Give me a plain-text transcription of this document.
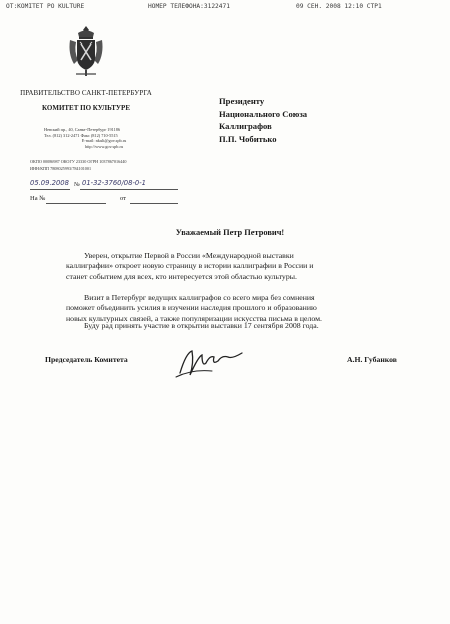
ОТ:KOMITET PO KULTURE	НОМЕР ТЕЛЕФОНА:3122471	09 СЕН. 2008 12:10 СТР1
ПРАВИТЕЛЬСТВО САНКТ-ПЕТЕРБУРГА
КОМИТЕТ ПО КУЛЬТУРЕ
Невский пр., 40, Санкт-Петербург 191186
Тел. (812) 312-2471 Факс (812) 710-5515
E-mail: nkult@gov.spb.ru
http://www.gov.spb.ru
ОКПО 00086987 ОКОГУ 23330 ОГРН 1037867016440
ИНН/КПП 7808025993/784101001
05.09.2008 № 01-32-3760/08-0-1
На №	от
Президенту
Национального Союза
Каллиграфов
П.П. Чобитько
Уважаемый Петр Петрович!
Уверен, открытие Первой в России «Международной выставки
каллиграфии» откроет новую страницу в истории каллиграфии в России и
станет событием для всех, кто интересуется этой областью культуры.
Визит в Петербург ведущих каллиграфов со всего мира без сомнения
поможет объединить усилия в изучении наследия прошлого и образованию
новых культурных связей, а также популяризации искусства письма в целом.
Буду рад принять участие в открытии выставки 17 сентября 2008 года.
Председатель Комитета	А.Н. Губанков
